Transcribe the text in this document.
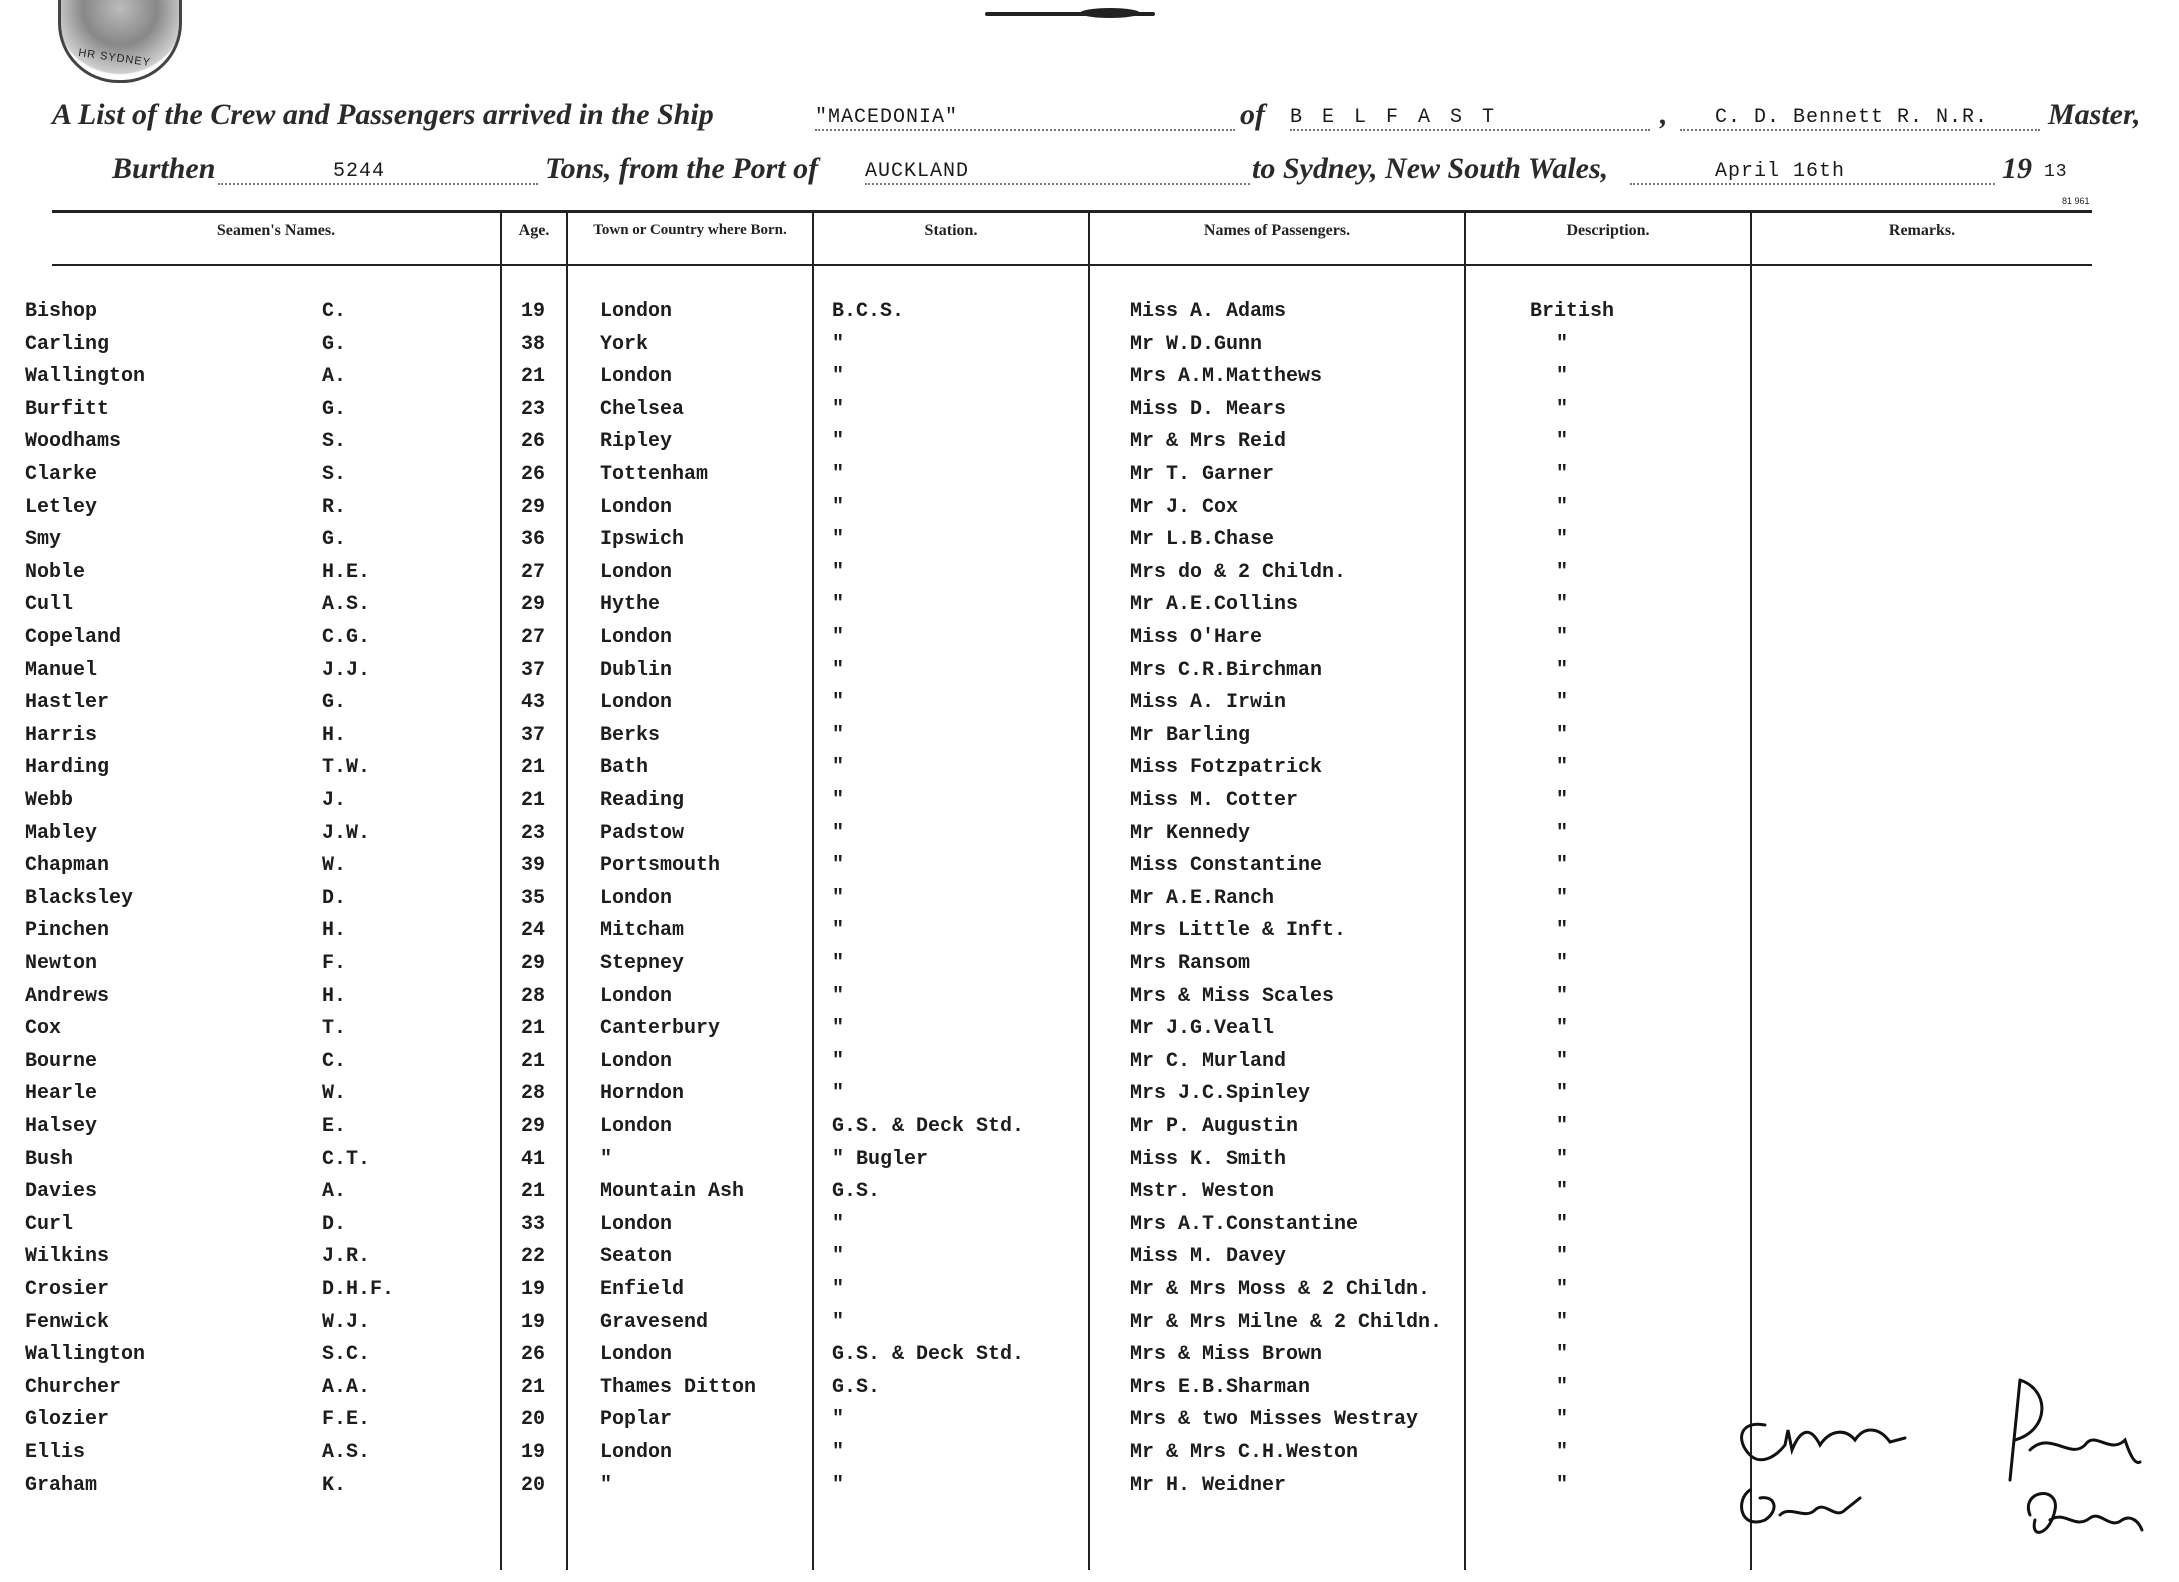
HR SYDNEY
A List of the Crew and Passengers arrived in the Ship	"MACEDONIA"	of B E L F A S T	,	C. D. Bennett R. N.R.	Master,
Burthen	5244	Tons, from the Port of AUCKLAND	to Sydney, New South Wales,	April 16th	19 13
81 961
Seamen's Names.	Age.	Town or Country where Born.	Station.	Names of Passengers.	Description.	Remarks.
Bishop	C.	19	London	B.C.S.	Miss A. Adams	British
Carling	G.	38	York	"	Mr W.D.Gunn	"
Wallington	A.	21	London	"	Mrs A.M.Matthews	"
Burfitt	G.	23	Chelsea	"	Miss D. Mears	"
Woodhams	S.	26	Ripley	"	Mr & Mrs Reid	"
Clarke	S.	26	Tottenham	"	Mr T. Garner	"
Letley	R.	29	London	"	Mr J. Cox	"
Smy	G.	36	Ipswich	"	Mr L.B.Chase	"
Noble	H.E.	27	London	"	Mrs do & 2 Childn.	"
Cull	A.S.	29	Hythe	"	Mr A.E.Collins	"
Copeland	C.G.	27	London	"	Miss O'Hare	"
Manuel	J.J.	37	Dublin	"	Mrs C.R.Birchman	"
Hastler	G.	43	London	"	Miss A. Irwin	"
Harris	H.	37	Berks	"	Mr Barling	"
Harding	T.W.	21	Bath	"	Miss Fotzpatrick	"
Webb	J.	21	Reading	"	Miss M. Cotter	"
Mabley	J.W.	23	Padstow	"	Mr Kennedy	"
Chapman	W.	39	Portsmouth	"	Miss Constantine	"
Blacksley	D.	35	London	"	Mr A.E.Ranch	"
Pinchen	H.	24	Mitcham	"	Mrs Little & Inft.	"
Newton	F.	29	Stepney	"	Mrs Ransom	"
Andrews	H.	28	London	"	Mrs & Miss Scales	"
Cox	T.	21	Canterbury	"	Mr J.G.Veall	"
Bourne	C.	21	London	"	Mr C. Murland	"
Hearle	W.	28	Horndon	"	Mrs J.C.Spinley	"
Halsey	E.	29	London	G.S. & Deck Std.	Mr P. Augustin	"
Bush	C.T.	41	"	" Bugler	Miss K. Smith	"
Davies	A.	21	Mountain Ash	G.S.	Mstr. Weston	"
Curl	D.	33	London	"	Mrs A.T.Constantine	"
Wilkins	J.R.	22	Seaton	"	Miss M. Davey	"
Crosier	D.H.F.	19	Enfield	"	Mr & Mrs Moss & 2 Childn.	"
Fenwick	W.J.	19	Gravesend	"	Mr & Mrs Milne & 2 Childn.	"
Wallington	S.C.	26	London	G.S. & Deck Std.	Mrs & Miss Brown	"
Churcher	A.A.	21	Thames Ditton	G.S.	Mrs E.B.Sharman	"
Glozier	F.E.	20	Poplar	"	Mrs & two Misses Westray	"
Ellis	A.S.	19	London	"	Mr & Mrs C.H.Weston	"
Graham	K.	20	"	"	Mr H. Weidner	"
